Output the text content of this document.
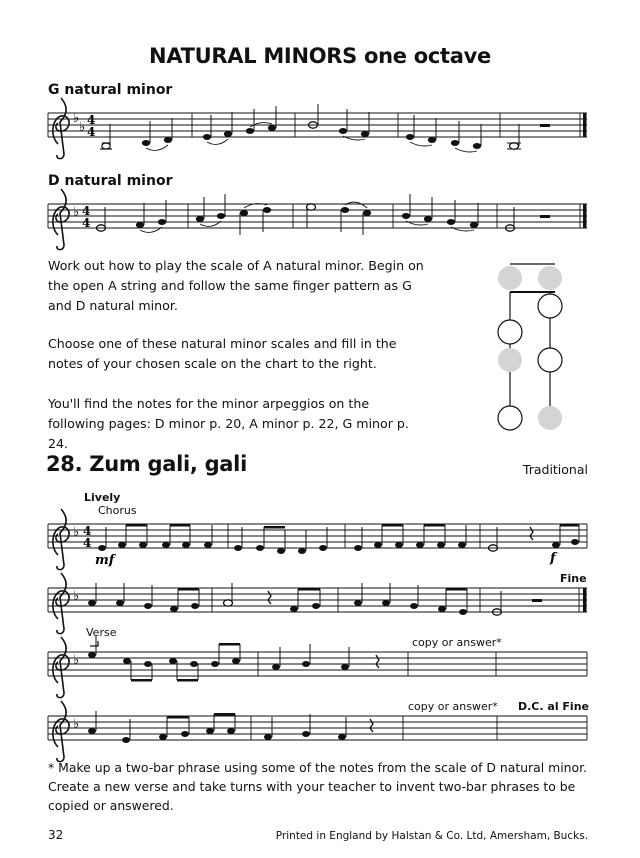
NATURAL MINORS one octave
G natural minor
♭
♭ 4
4
♭ 4
4
♭ 4
4
♭
♭
♭
mf	f
D natural minor
Work out how to play the scale of A natural minor. Begin on the open A string and follow the same finger pattern as G and D natural minor.
Choose one of these natural minor scales and fill in the notes of your chosen scale on the chart to the right.
You'll find the notes for the minor arpeggios on the following pages: D minor p. 20, A minor p. 22, G minor p. 24.
28. Zum gali, gali	Traditional
Lively
Chorus
Fine
Verse
copy or answer*
copy or answer* D.C. al Fine
* Make up a two-bar phrase using some of the notes from the scale of D natural minor. Create a new verse and take turns with your teacher to invent two-bar phrases to be copied or answered.
32	Printed in England by Halstan & Co. Ltd, Amersham, Bucks.
